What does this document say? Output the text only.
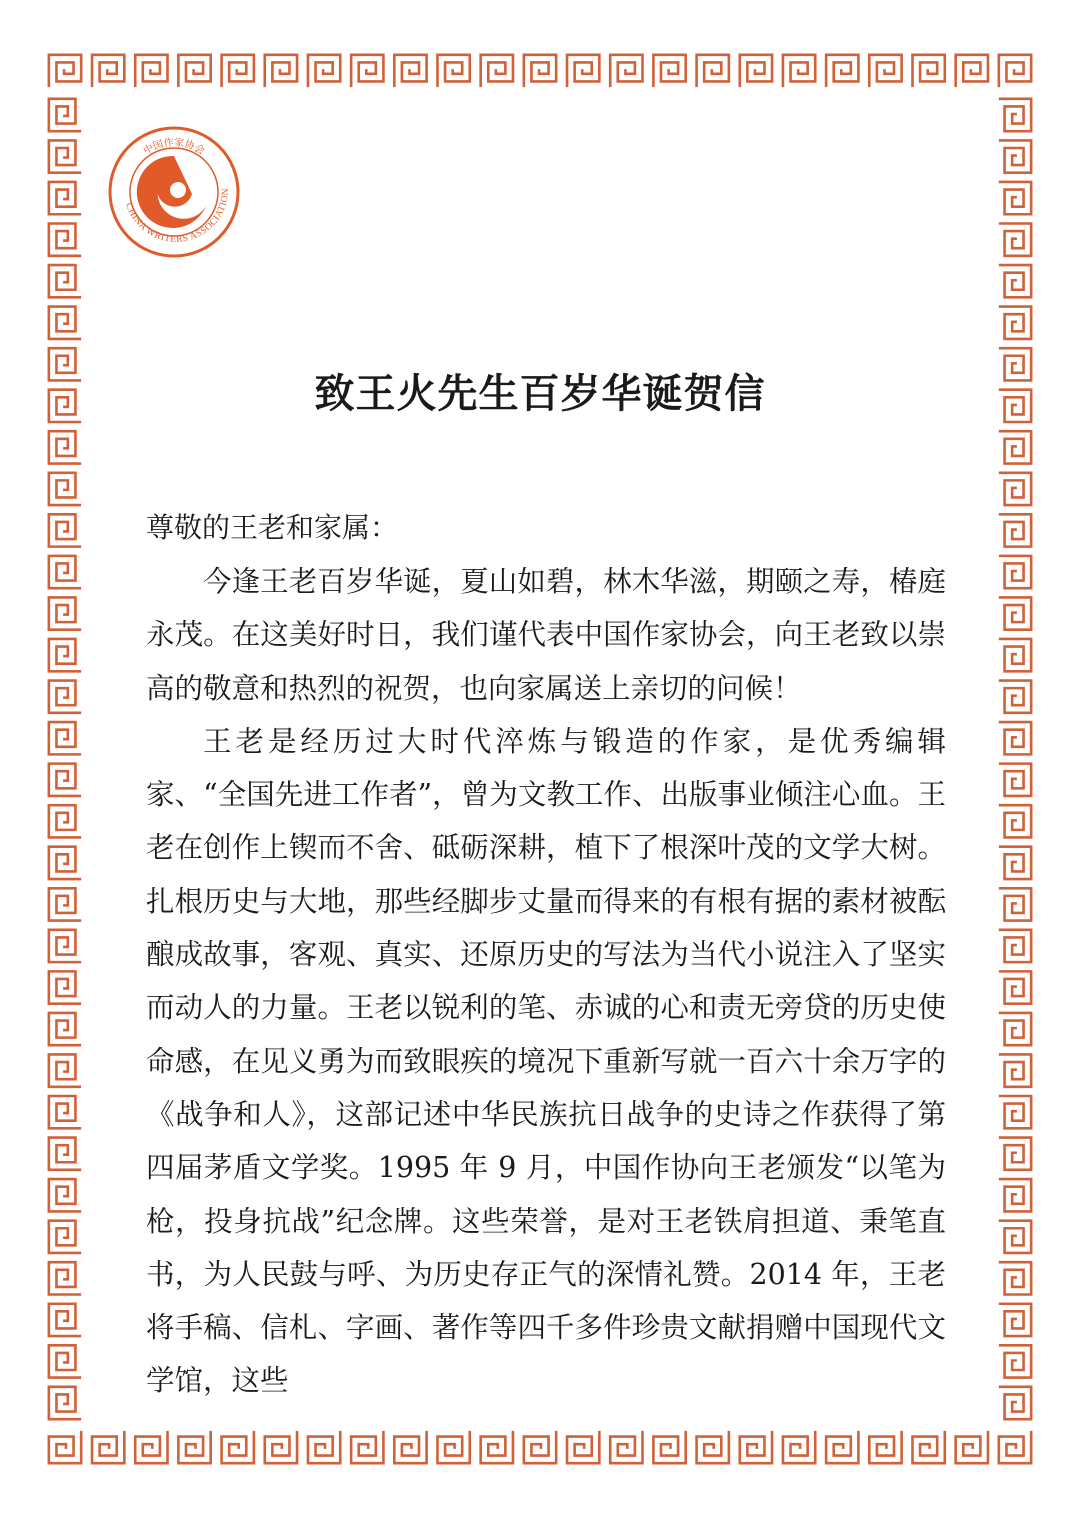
中国作家协会
CHINA WRITERS ASSOCIATION
致王火先生百岁华诞贺信

尊敬的王老和家属：

今逢王老百岁华诞，夏山如碧，林木华滋，期颐之寿，椿庭永茂。在这美好时日，我们谨代表中国作家协会，向王老致以崇高的敬意和热烈的祝贺，也向家属送上亲切的问候！

王老是经历过大时代淬炼与锻造的作家，是优秀编辑家、“全国先进工作者”，曾为文教工作、出版事业倾注心血。王老在创作上锲而不舍、砥砺深耕，植下了根深叶茂的文学大树。扎根历史与大地，那些经脚步丈量而得来的有根有据的素材被酝酿成故事，客观、真实、还原历史的写法为当代小说注入了坚实而动人的力量。王老以锐利的笔、赤诚的心和责无旁贷的历史使命感，在见义勇为而致眼疾的境况下重新写就一百六十余万字的《战争和人》，这部记述中华民族抗日战争的史诗之作获得了第四届茅盾文学奖。1995 年 9 月，中国作协向王老颁发“以笔为枪，投身抗战”纪念牌。这些荣誉，是对王老铁肩担道、秉笔直书，为人民鼓与呼、为历史存正气的深情礼赞。2014 年，王老将手稿、信札、字画、著作等四千多件珍贵文献捐赠中国现代文学馆，这些
